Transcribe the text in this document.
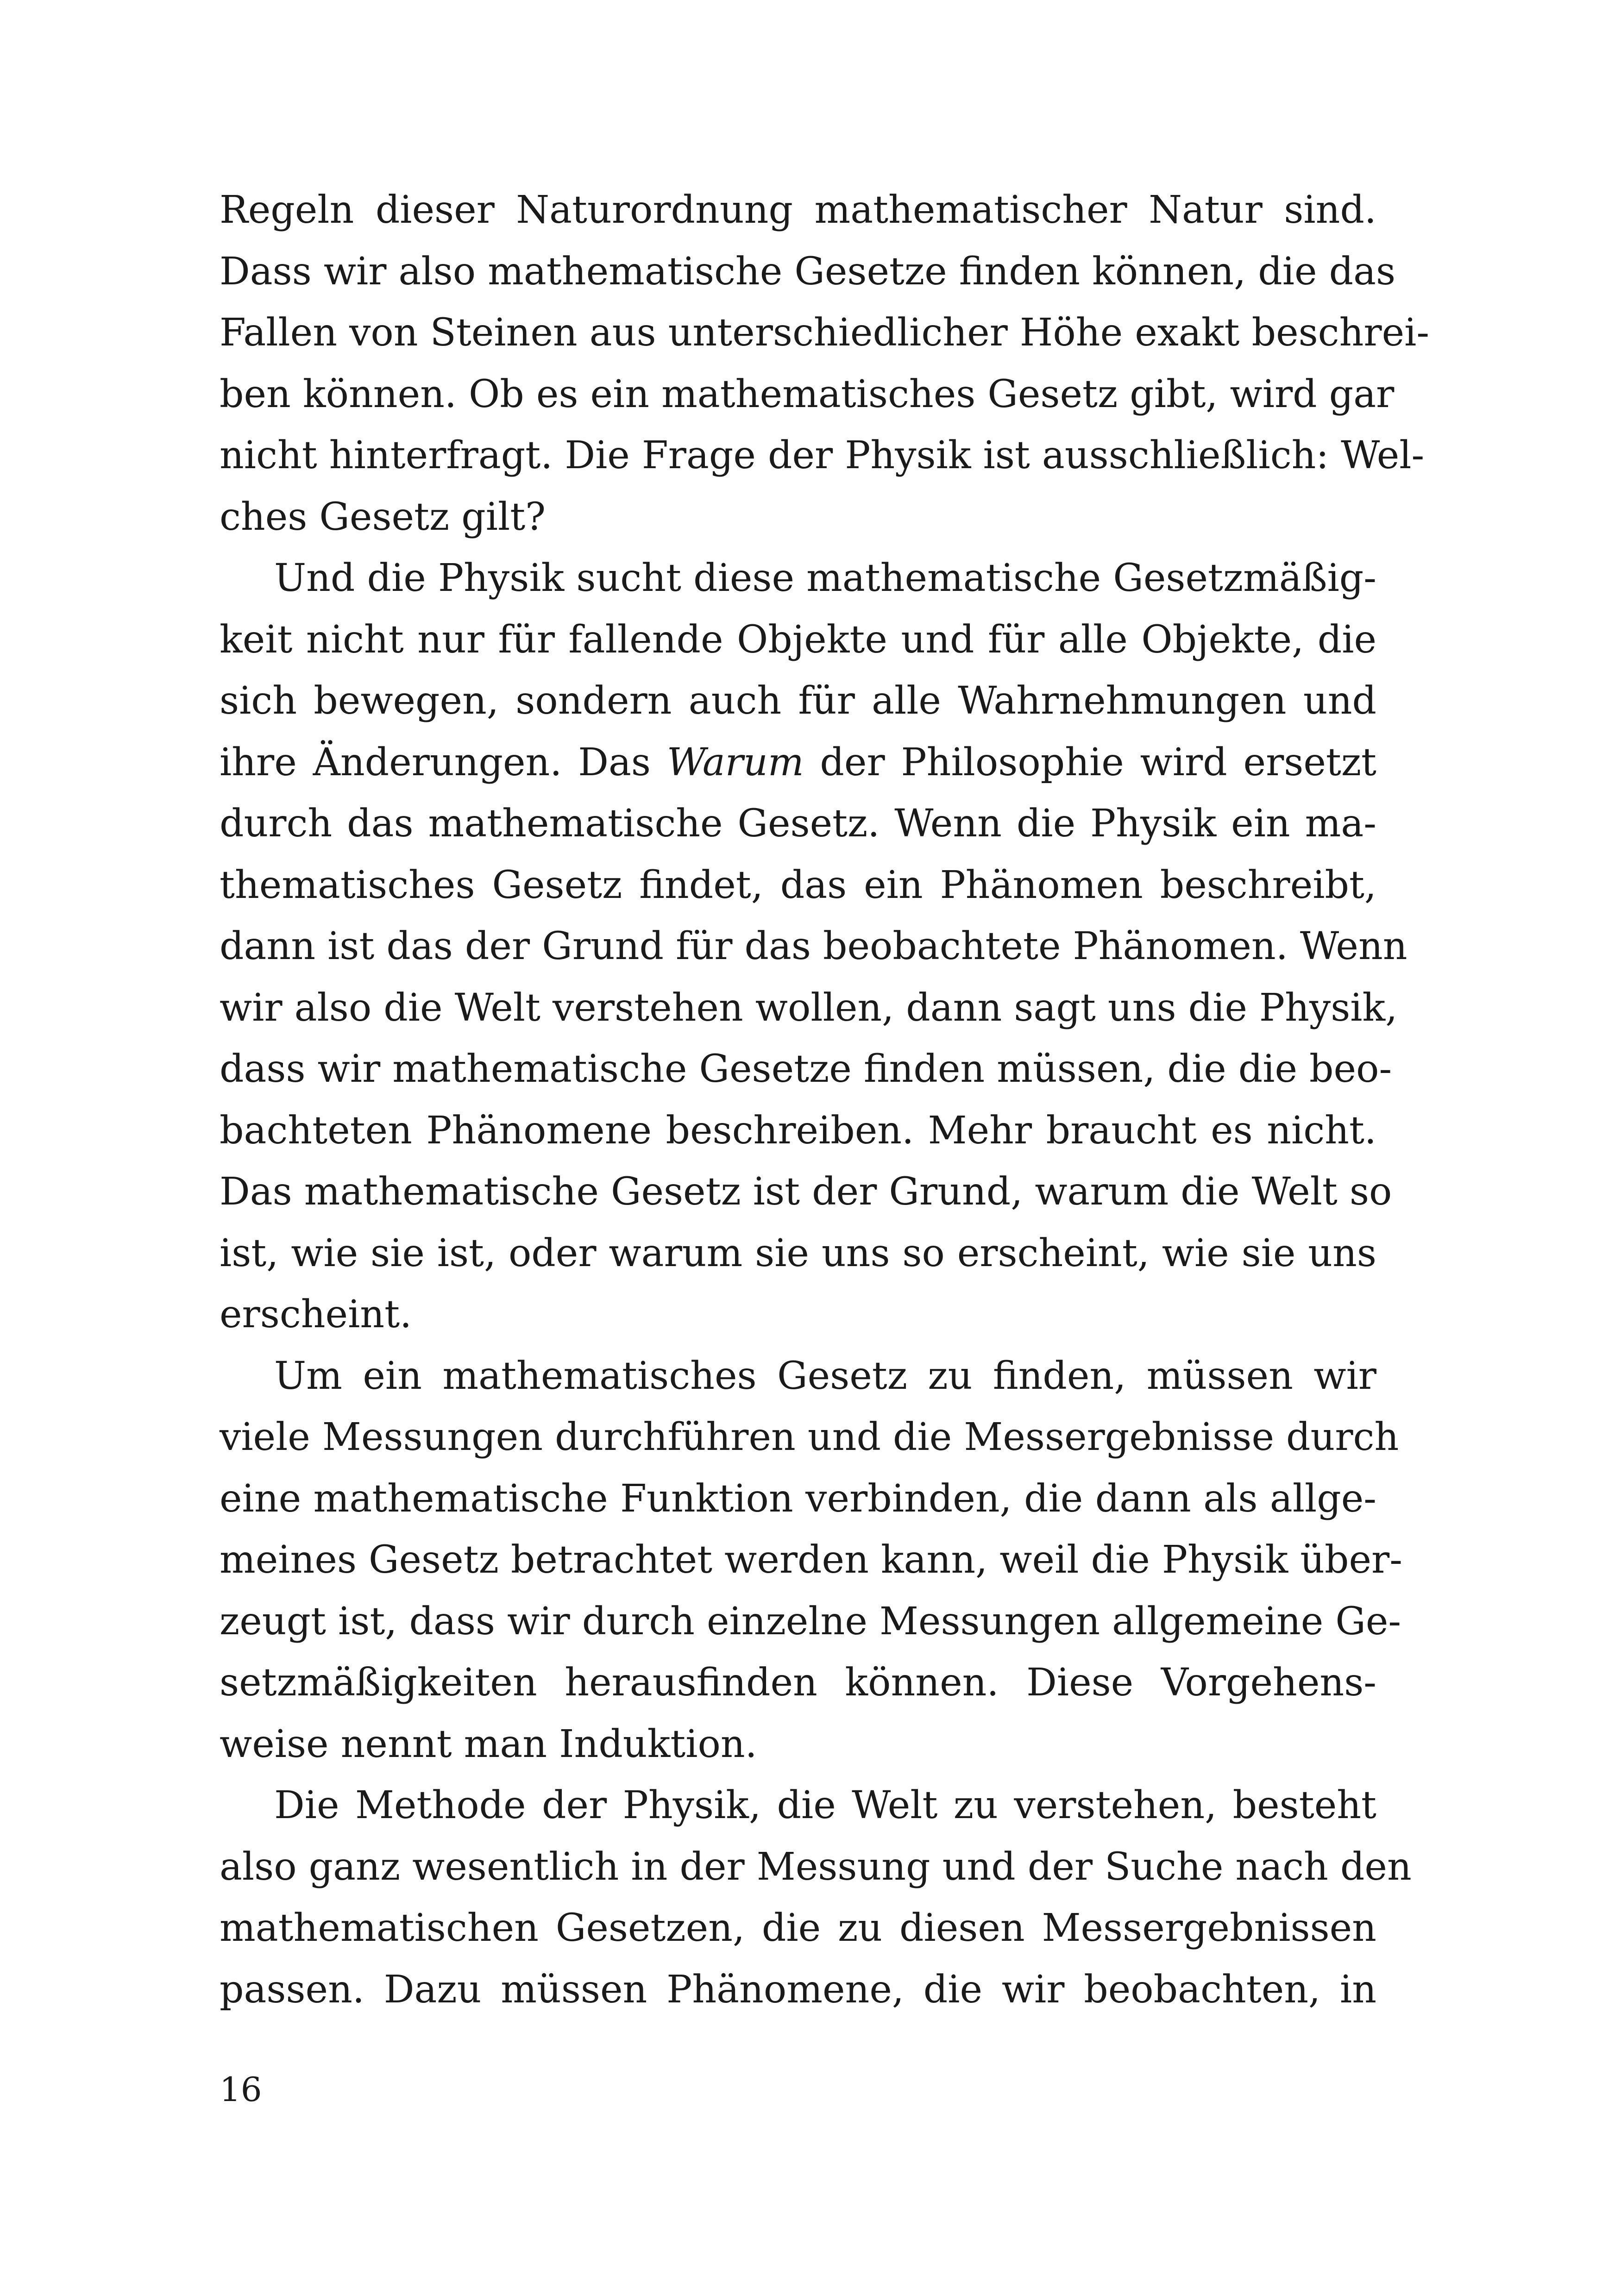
Regeln dieser Naturordnung mathematischer Natur sind.
Dass wir also mathematische Gesetze finden können, die das
Fallen von Steinen aus unterschiedlicher Höhe exakt beschrei-
ben können. Ob es ein mathematisches Gesetz gibt, wird gar
nicht hinterfragt. Die Frage der Physik ist ausschließlich: Wel-
ches Gesetz gilt?
Und die Physik sucht diese mathematische Gesetzmäßig-
keit nicht nur für fallende Objekte und für alle Objekte, die
sich bewegen, sondern auch für alle Wahrnehmungen und
ihre Änderungen. Das Warum der Philosophie wird ersetzt
durch das mathematische Gesetz. Wenn die Physik ein ma-
thematisches Gesetz findet, das ein Phänomen beschreibt,
dann ist das der Grund für das beobachtete Phänomen. Wenn
wir also die Welt verstehen wollen, dann sagt uns die Physik,
dass wir mathematische Gesetze finden müssen, die die beo-
bachteten Phänomene beschreiben. Mehr braucht es nicht.
Das mathematische Gesetz ist der Grund, warum die Welt so
ist, wie sie ist, oder warum sie uns so erscheint, wie sie uns
erscheint.
Um ein mathematisches Gesetz zu finden, müssen wir
viele Messungen durchführen und die Messergebnisse durch
eine mathematische Funktion verbinden, die dann als allge-
meines Gesetz betrachtet werden kann, weil die Physik über-
zeugt ist, dass wir durch einzelne Messungen allgemeine Ge-
setzmäßigkeiten herausfinden können. Diese Vorgehens-
weise nennt man Induktion.
Die Methode der Physik, die Welt zu verstehen, besteht
also ganz wesentlich in der Messung und der Suche nach den
mathematischen Gesetzen, die zu diesen Messergebnissen
passen. Dazu müssen Phänomene, die wir beobachten, in
16
